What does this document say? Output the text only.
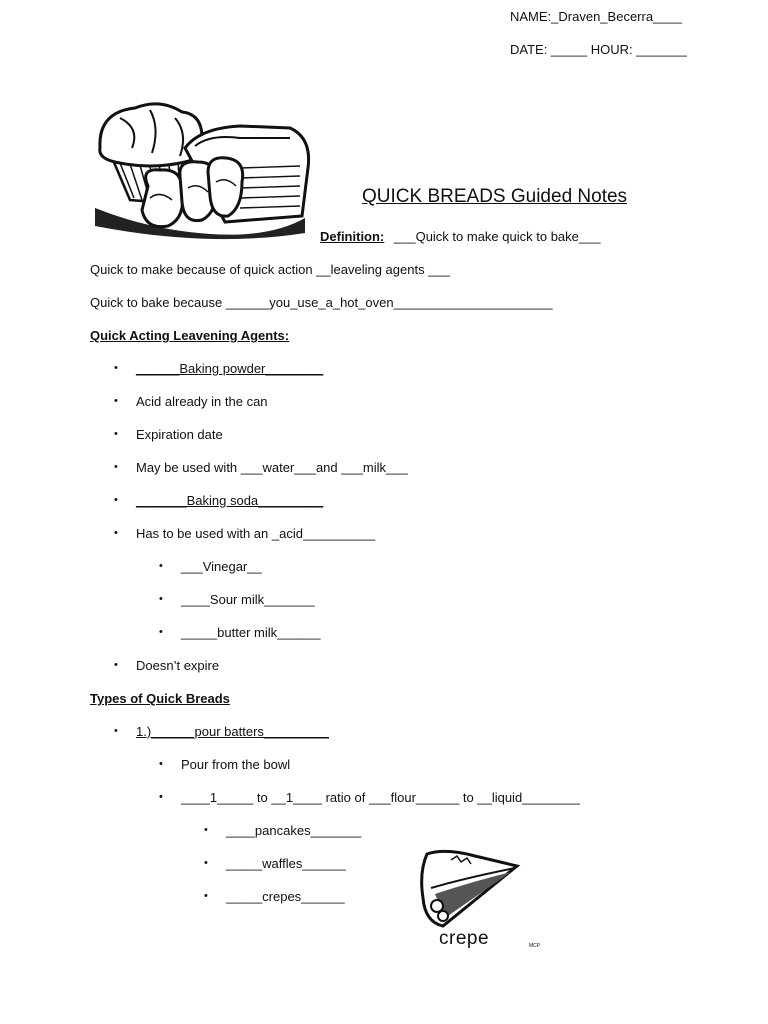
NAME:_Draven_Becerra____
DATE: _____ HOUR: _______
QUICK BREADS Guided Notes
Definition: ___Quick to make quick to bake___
Quick to make because of quick action __leaveling agents ___
Quick to bake because ______you_use_a_hot_oven______________________
Quick Acting Leavening Agents:
• ______Baking powder________
• Acid already in the can
• Expiration date
• May be used with ___water___and ___milk___
• _______Baking soda_________
• Has to be used with an _acid__________
• ___Vinegar__
• ____Sour milk_______
• _____butter milk______
• Doesn’t expire
Types of Quick Breads
• 1.)______pour batters_________
• Pour from the bowl
• ____1_____ to __1____ ratio of ___flour______ to __liquid________
• ____pancakes_______
• _____waffles______
• _____crepes______
crepe	MCP
